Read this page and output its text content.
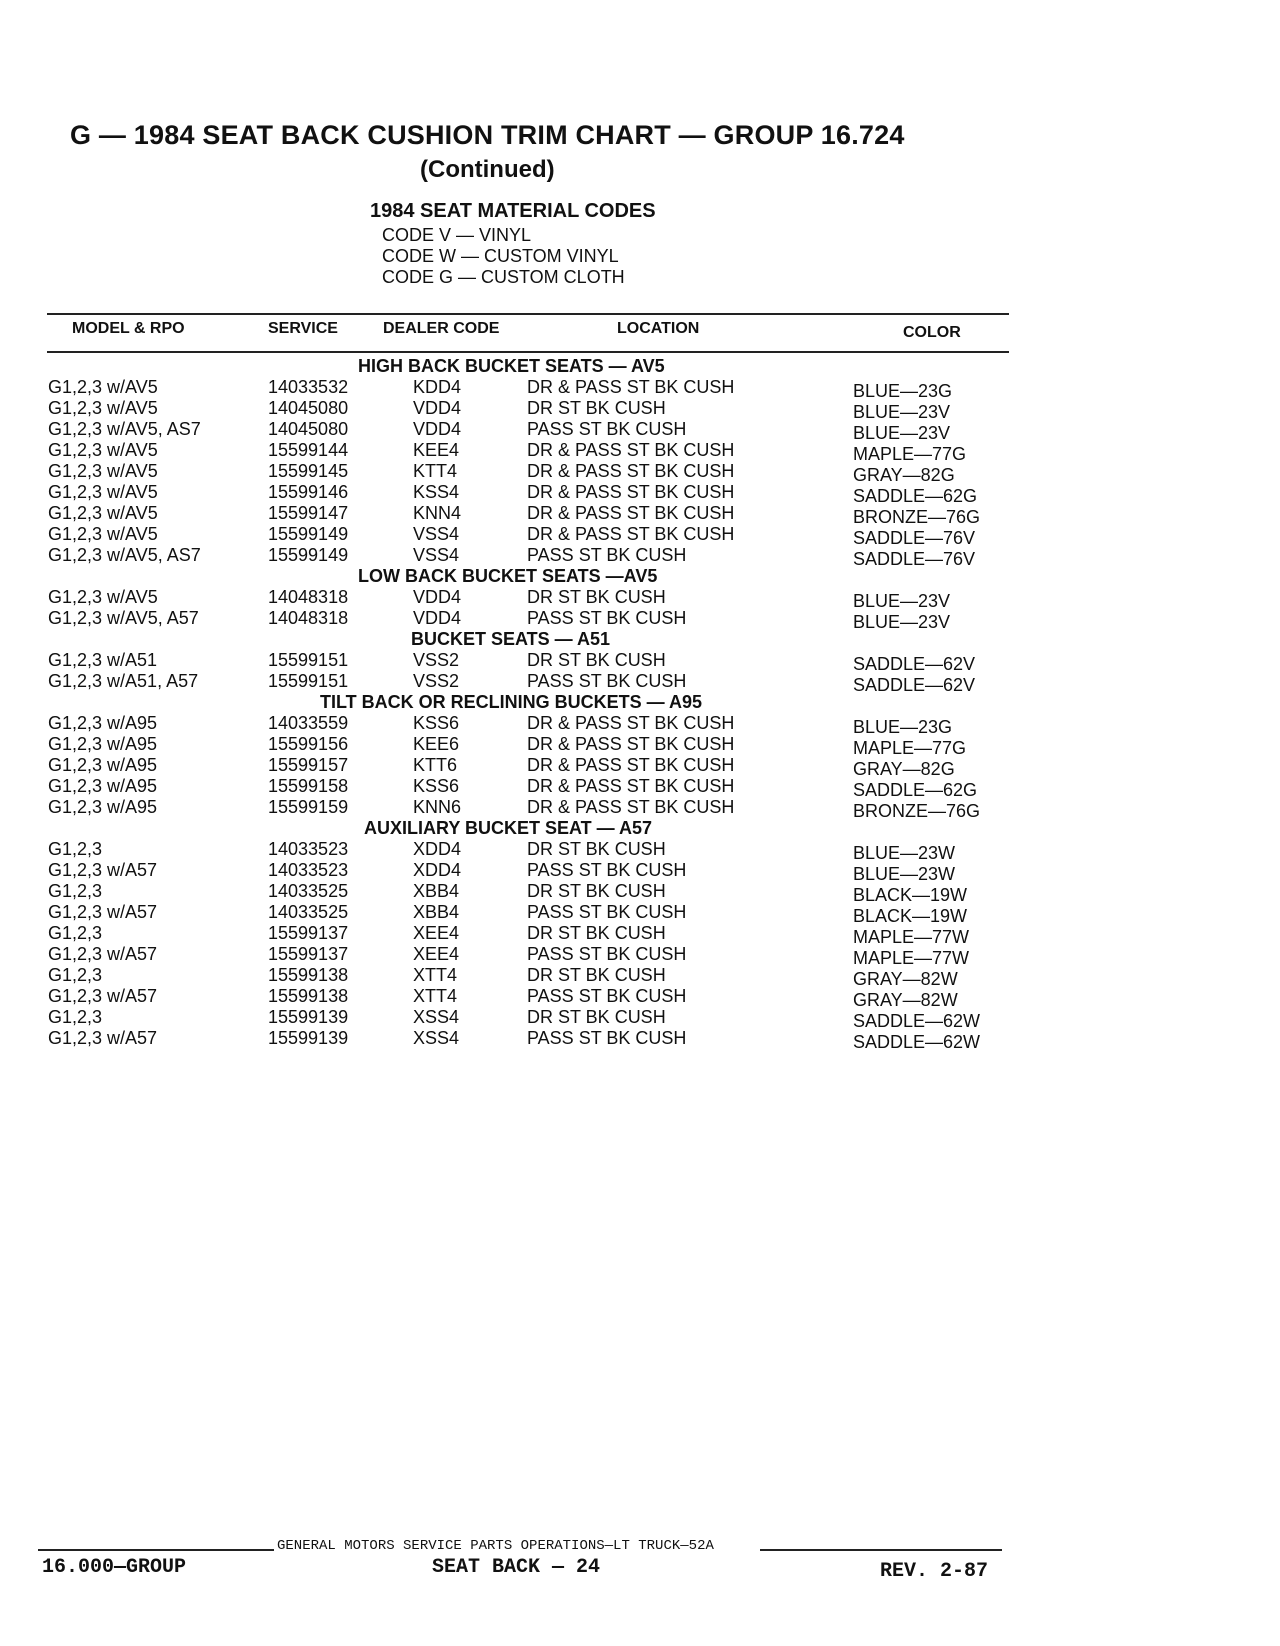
G — 1984 SEAT BACK CUSHION TRIM CHART — GROUP 16.724
(Continued)
1984 SEAT MATERIAL CODES
CODE V — VINYL
CODE W — CUSTOM VINYL
CODE G — CUSTOM CLOTH
MODEL & RPO	SERVICE	DEALER CODE	LOCATION	COLOR
HIGH BACK BUCKET SEATS — AV5
G1,2,3 w/AV5	14033532	KDD4	DR & PASS ST BK CUSH	BLUE—23G
G1,2,3 w/AV5	14045080	VDD4	DR ST BK CUSH	BLUE—23V
G1,2,3 w/AV5, AS7	14045080	VDD4	PASS ST BK CUSH	BLUE—23V
G1,2,3 w/AV5	15599144	KEE4	DR & PASS ST BK CUSH	MAPLE—77G
G1,2,3 w/AV5	15599145	KTT4	DR & PASS ST BK CUSH	GRAY—82G
G1,2,3 w/AV5	15599146	KSS4	DR & PASS ST BK CUSH	SADDLE—62G
G1,2,3 w/AV5	15599147	KNN4	DR & PASS ST BK CUSH	BRONZE—76G
G1,2,3 w/AV5	15599149	VSS4	DR & PASS ST BK CUSH	SADDLE—76V
G1,2,3 w/AV5, AS7	15599149	VSS4	PASS ST BK CUSH	SADDLE—76V
LOW BACK BUCKET SEATS —AV5
G1,2,3 w/AV5	14048318	VDD4	DR ST BK CUSH	BLUE—23V
G1,2,3 w/AV5, A57	14048318	VDD4	PASS ST BK CUSH	BLUE—23V
BUCKET SEATS — A51
G1,2,3 w/A51	15599151	VSS2	DR ST BK CUSH	SADDLE—62V
G1,2,3 w/A51, A57	15599151	VSS2	PASS ST BK CUSH	SADDLE—62V
TILT BACK OR RECLINING BUCKETS — A95
G1,2,3 w/A95	14033559	KSS6	DR & PASS ST BK CUSH	BLUE—23G
G1,2,3 w/A95	15599156	KEE6	DR & PASS ST BK CUSH	MAPLE—77G
G1,2,3 w/A95	15599157	KTT6	DR & PASS ST BK CUSH	GRAY—82G
G1,2,3 w/A95	15599158	KSS6	DR & PASS ST BK CUSH	SADDLE—62G
G1,2,3 w/A95	15599159	KNN6	DR & PASS ST BK CUSH	BRONZE—76G
AUXILIARY BUCKET SEAT — A57
G1,2,3	14033523	XDD4	DR ST BK CUSH	BLUE—23W
G1,2,3 w/A57	14033523	XDD4	PASS ST BK CUSH	BLUE—23W
G1,2,3	14033525	XBB4	DR ST BK CUSH	BLACK—19W
G1,2,3 w/A57	14033525	XBB4	PASS ST BK CUSH	BLACK—19W
G1,2,3	15599137	XEE4	DR ST BK CUSH	MAPLE—77W
G1,2,3 w/A57	15599137	XEE4	PASS ST BK CUSH	MAPLE—77W
G1,2,3	15599138	XTT4	DR ST BK CUSH	GRAY—82W
G1,2,3 w/A57	15599138	XTT4	PASS ST BK CUSH	GRAY—82W
G1,2,3	15599139	XSS4	DR ST BK CUSH	SADDLE—62W
G1,2,3 w/A57	15599139	XSS4	PASS ST BK CUSH	SADDLE—62W
GENERAL MOTORS SERVICE PARTS OPERATIONS—LT TRUCK—52A
16.000—GROUP	SEAT BACK — 24	REV. 2-87
